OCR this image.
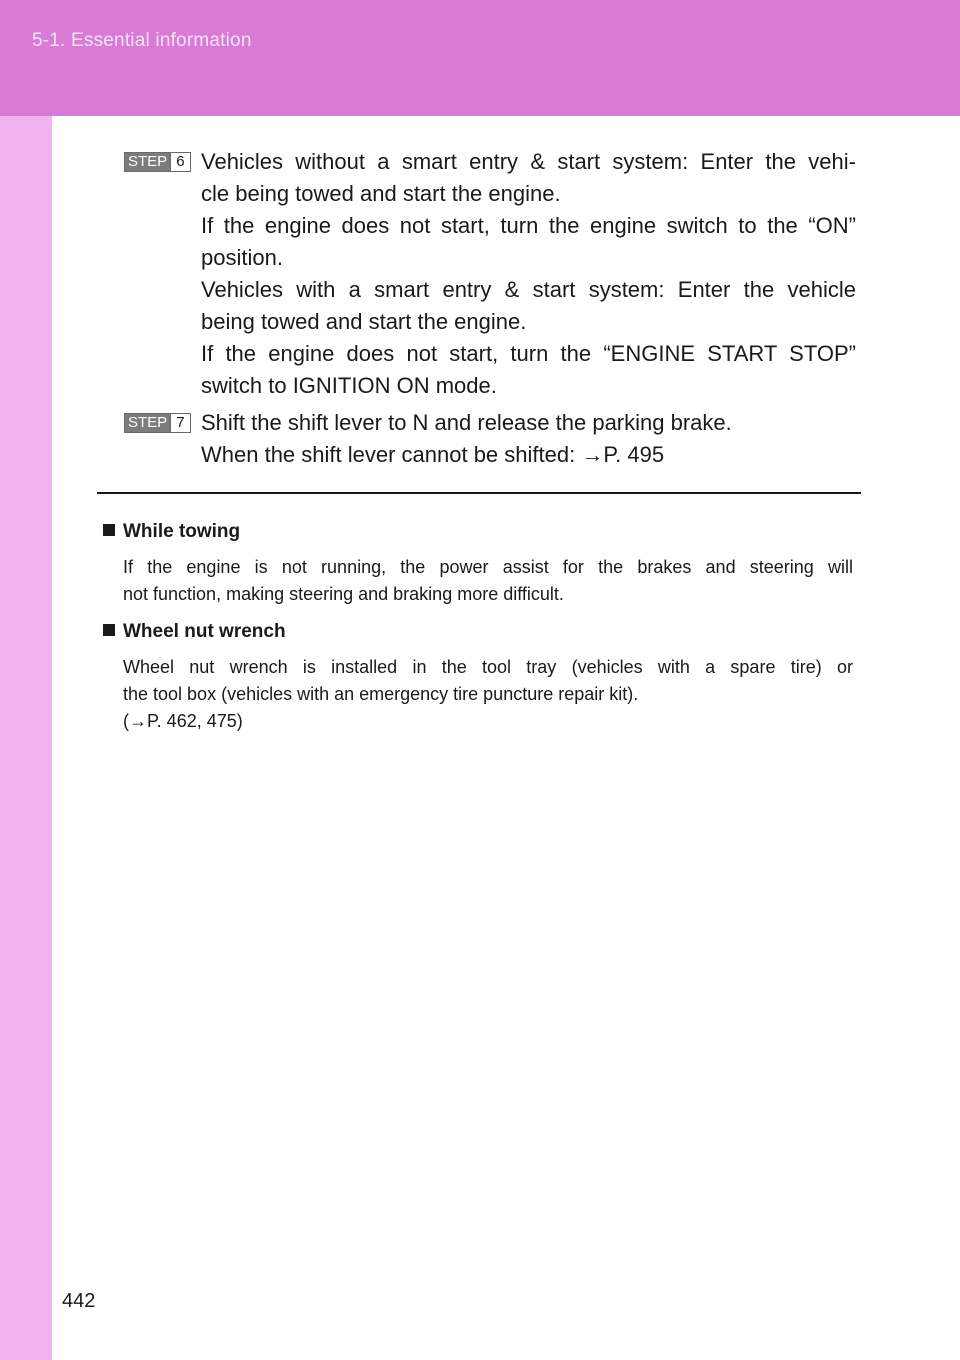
5-1. Essential information
STEP 6 Vehicles without a smart entry & start system: Enter the vehi-
cle being towed and start the engine.
If the engine does not start, turn the engine switch to the “ON”
position.
Vehicles with a smart entry & start system: Enter the vehicle
being towed and start the engine.
If the engine does not start, turn the “ENGINE START STOP”
switch to IGNITION ON mode.
STEP 7 Shift the shift lever to N and release the parking brake.
When the shift lever cannot be shifted: →P. 495
While towing
If the engine is not running, the power assist for the brakes and steering will
not function, making steering and braking more difficult.
Wheel nut wrench
Wheel nut wrench is installed in the tool tray (vehicles with a spare tire) or
the tool box (vehicles with an emergency tire puncture repair kit).
(→P. 462, 475)
442
